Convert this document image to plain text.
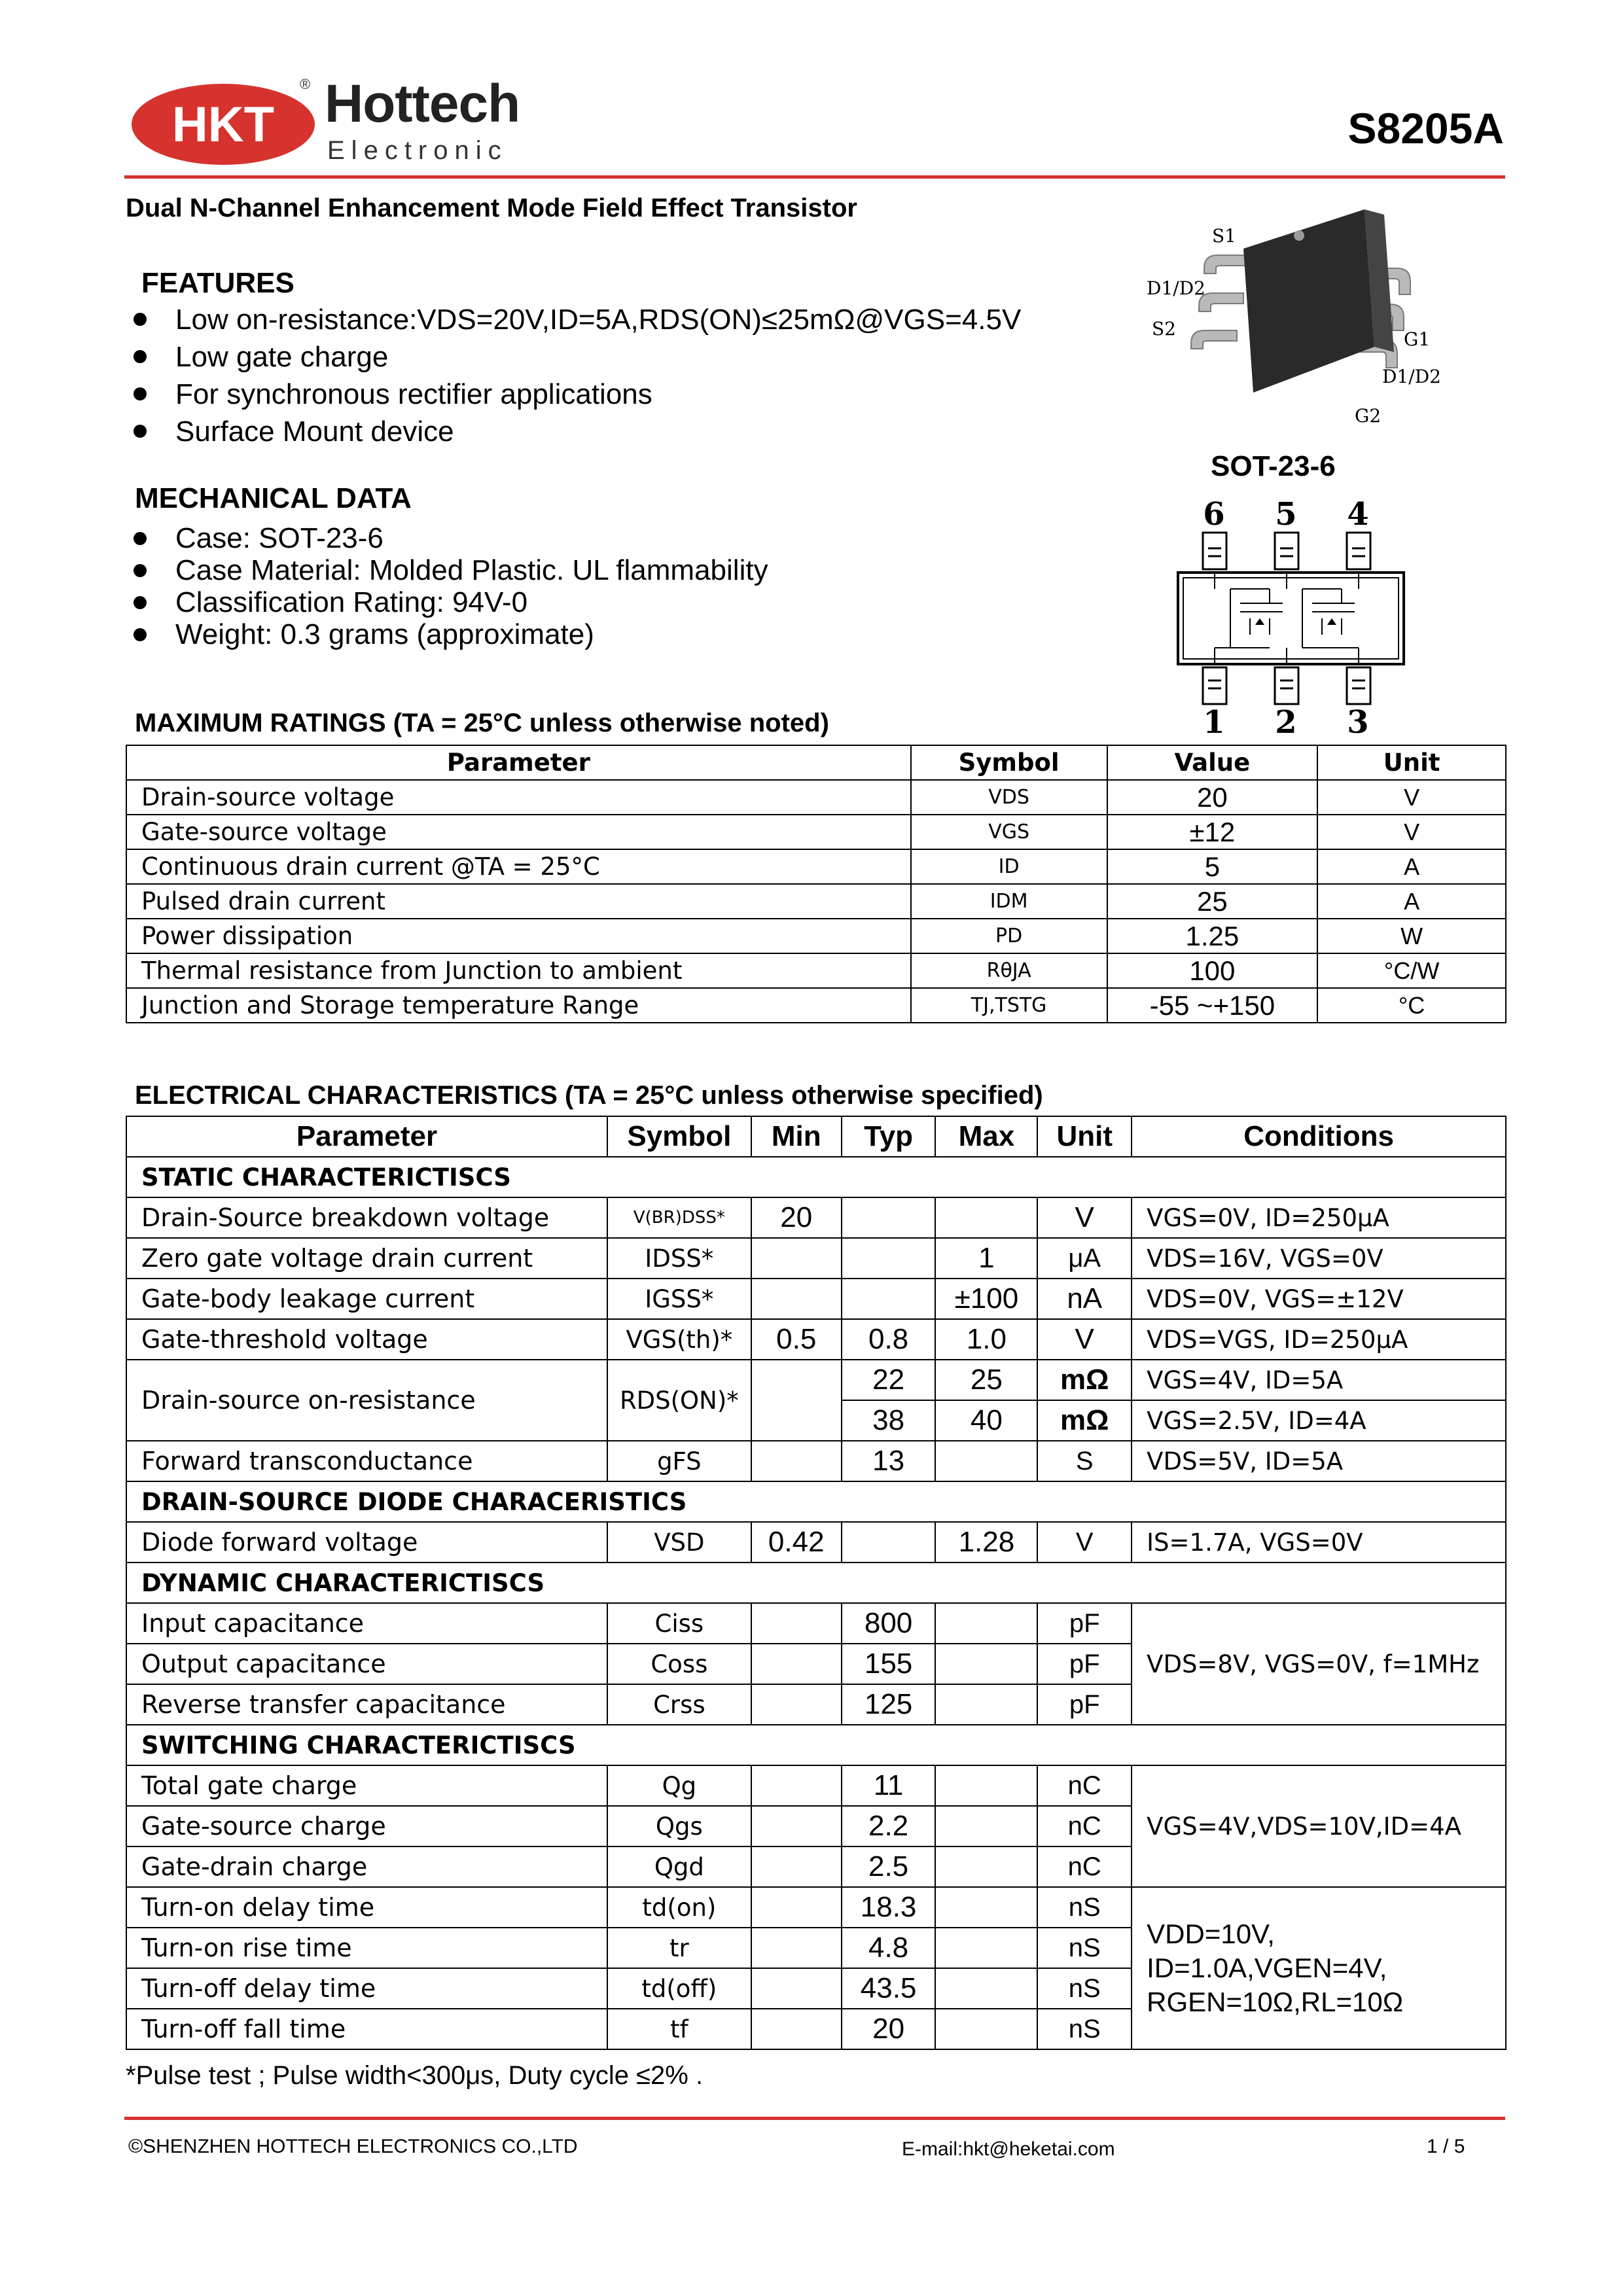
HKT
® Hottech
Electronic	S8205A
Dual N-Channel Enhancement Mode Field Effect Transistor
FEATURES
Low on-resistance:VDS=20V,ID=5A,RDS(ON)≤25mΩ@VGS=4.5V
Low gate charge
For synchronous rectifier applications
Surface Mount device
MECHANICAL DATA
Case: SOT-23-6
Case Material: Molded Plastic. UL flammability
Classification Rating: 94V-0
Weight: 0.3 grams (approximate)
S1
D1/D2
S2	G1
D1/D2
G2
SOT-23-6
6 5 4
1 2 3
MAXIMUM RATINGS (TA = 25°C unless otherwise noted)
Parameter	Symbol	Value	Unit
Drain-source voltage	VDS	20	V
Gate-source voltage	VGS	±12	V
Continuous drain current @TA = 25°C	ID	5	A
Pulsed drain current	IDM	25	A
Power dissipation	PD	1.25	W
Thermal resistance from Junction to ambient	RθJA	100	°C/W
Junction and Storage temperature Range	TJ,TSTG	-55 ~+150	°C
ELECTRICAL CHARACTERISTICS (TA = 25°C unless otherwise specified)
Parameter	Symbol	Min	Typ	Max	Unit	Conditions
STATIC CHARACTERICTISCS						
Drain-Source breakdown voltage	V(BR)DSS*	20			V	VGS=0V, ID=250μA
Zero gate voltage drain current	IDSS*			1	μA	VDS=16V, VGS=0V
Gate-body leakage current	IGSS*			±100	nA	VDS=0V, VGS=±12V
Gate-threshold voltage	VGS(th)*	0.5	0.8	1.0	V	VDS=VGS, ID=250μA
Drain-source on-resistance	RDS(ON)*		22	25	mΩ	VGS=4V, ID=5A
			38	40	mΩ	VGS=2.5V, ID=4A
Forward transconductance	gFS		13		S	VDS=5V, ID=5A
DRAIN-SOURCE DIODE CHARACERISTICS						
Diode forward voltage	VSD	0.42		1.28	V	IS=1.7A, VGS=0V
DYNAMIC CHARACTERICTISCS						
Input capacitance	Ciss		800		pF	VDS=8V, VGS=0V, f=1MHz
Output capacitance	Coss		155		pF	
Reverse transfer capacitance	Crss		125		pF	
SWITCHING CHARACTERICTISCS						
Total gate charge	Qg		11		nC	VGS=4V,VDS=10V,ID=4A
Gate-source charge	Qgs		2.2		nC	
Gate-drain charge	Qgd		2.5		nC	
Turn-on delay time	td(on)		18.3		nS	VDD=10V,
ID=1.0A,VGEN=4V,
RGEN=10Ω,RL=10Ω

Turn-on rise time	tr		4.8		nS	
Turn-off delay time	td(off)		43.5		nS	
Turn-off fall time	tf		20		nS	
*Pulse test ; Pulse width<300μs, Duty cycle ≤2% .
©SHENZHEN HOTTECH ELECTRONICS CO.,LTD	E-mail:hkt@heketai.com	1 / 5
